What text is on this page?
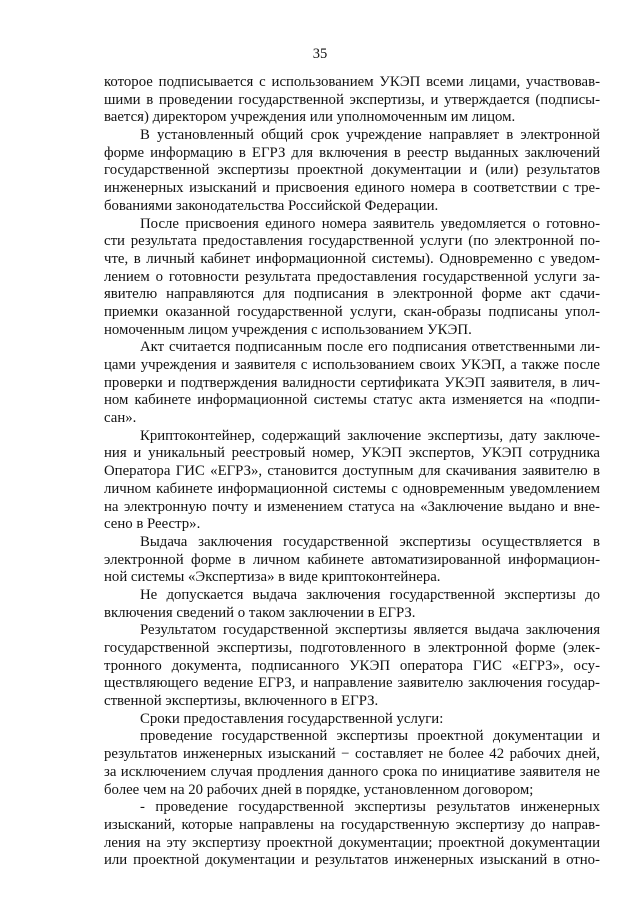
35
которое подписывается с использованием УКЭП всеми лицами, участвовав-
шими в проведении государственной экспертизы, и утверждается (подписы-
вается) директором учреждения или уполномоченным им лицом.
В установленный общий срок учреждение направляет в электронной
форме информацию в ЕГРЗ для включения в реестр выданных заключений
государственной экспертизы проектной документации и (или) результатов
инженерных изысканий и присвоения единого номера в соответствии с тре-
бованиями законодательства Российской Федерации.
После присвоения единого номера заявитель уведомляется о готовно-
сти результата предоставления государственной услуги (по электронной по-
чте, в личный кабинет информационной системы). Одновременно с уведом-
лением о готовности результата предоставления государственной услуги за-
явителю направляются для подписания в электронной форме акт сдачи-
приемки оказанной государственной услуги, скан-образы подписаны упол-
номоченным лицом учреждения с использованием УКЭП.
Акт считается подписанным после его подписания ответственными ли-
цами учреждения и заявителя с использованием своих УКЭП, а также после
проверки и подтверждения валидности сертификата УКЭП заявителя, в лич-
ном кабинете информационной системы статус акта изменяется на «подпи-
сан».
Криптоконтейнер, содержащий заключение экспертизы, дату заключе-
ния и уникальный реестровый номер, УКЭП экспертов, УКЭП сотрудника
Оператора ГИС «ЕГРЗ», становится доступным для скачивания заявителю в
личном кабинете информационной системы с одновременным уведомлением
на электронную почту и изменением статуса на «Заключение выдано и вне-
сено в Реестр».
Выдача заключения государственной экспертизы осуществляется в
электронной форме в личном кабинете автоматизированной информацион-
ной системы «Экспертиза» в виде криптоконтейнера.
Не допускается выдача заключения государственной экспертизы до
включения сведений о таком заключении в ЕГРЗ.
Результатом государственной экспертизы является выдача заключения
государственной экспертизы, подготовленного в электронной форме (элек-
тронного документа, подписанного УКЭП оператора ГИС «ЕГРЗ», осу-
ществляющего ведение ЕГРЗ, и направление заявителю заключения государ-
ственной экспертизы, включенного в ЕГРЗ.
Сроки предоставления государственной услуги:
проведение государственной экспертизы проектной документации и
результатов инженерных изысканий − составляет не более 42 рабочих дней,
за исключением случая продления данного срока по инициативе заявителя не
более чем на 20 рабочих дней в порядке, установленном договором;
- проведение государственной экспертизы результатов инженерных
изысканий, которые направлены на государственную экспертизу до направ-
ления на эту экспертизу проектной документации; проектной документации
или проектной документации и результатов инженерных изысканий в отно-
